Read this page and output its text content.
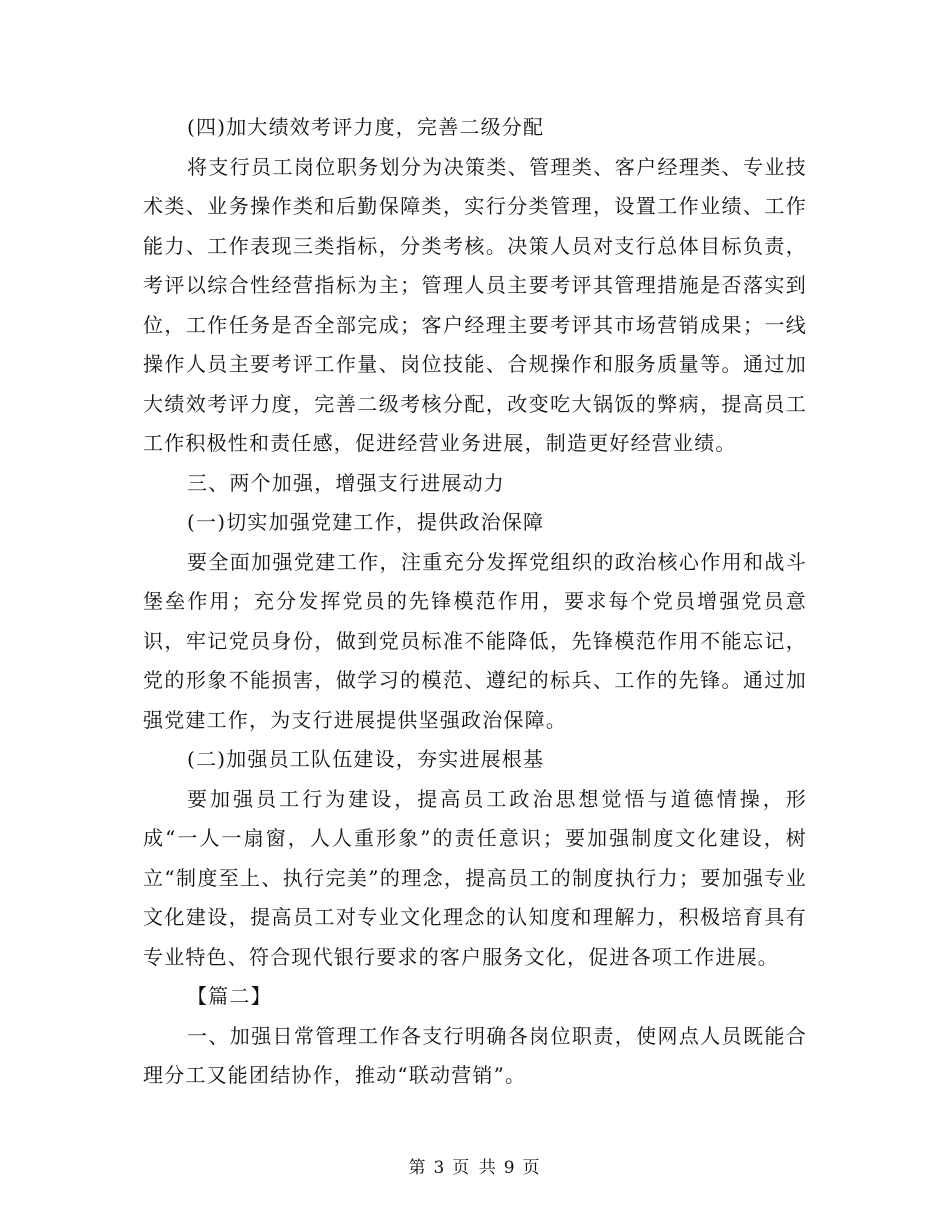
(四)加大绩效考评力度，完善二级分配

将支行员工岗位职务划分为决策类、管理类、客户经理类、专业技术类、业务操作类和后勤保障类，实行分类管理，设置工作业绩、工作能力、工作表现三类指标，分类考核。决策人员对支行总体目标负责，考评以综合性经营指标为主；管理人员主要考评其管理措施是否落实到位，工作任务是否全部完成；客户经理主要考评其市场营销成果；一线操作人员主要考评工作量、岗位技能、合规操作和服务质量等。通过加大绩效考评力度，完善二级考核分配，改变吃大锅饭的弊病，提高员工工作积极性和责任感，促进经营业务进展，制造更好经营业绩。

三、两个加强，增强支行进展动力

(一)切实加强党建工作，提供政治保障

要全面加强党建工作，注重充分发挥党组织的政治核心作用和战斗堡垒作用；充分发挥党员的先锋模范作用，要求每个党员增强党员意识，牢记党员身份，做到党员标准不能降低，先锋模范作用不能忘记，党的形象不能损害，做学习的模范、遵纪的标兵、工作的先锋。通过加强党建工作，为支行进展提供坚强政治保障。

(二)加强员工队伍建设，夯实进展根基

要加强员工行为建设，提高员工政治思想觉悟与道德情操，形成“一人一扇窗，人人重形象”的责任意识；要加强制度文化建设，树立“制度至上、执行完美”的理念，提高员工的制度执行力；要加强专业文化建设，提高员工对专业文化理念的认知度和理解力，积极培育具有专业特色、符合现代银行要求的客户服务文化，促进各项工作进展。

【篇二】

一、加强日常管理工作各支行明确各岗位职责，使网点人员既能合理分工又能团结协作，推动“联动营销”。

第 3 页 共 9 页
